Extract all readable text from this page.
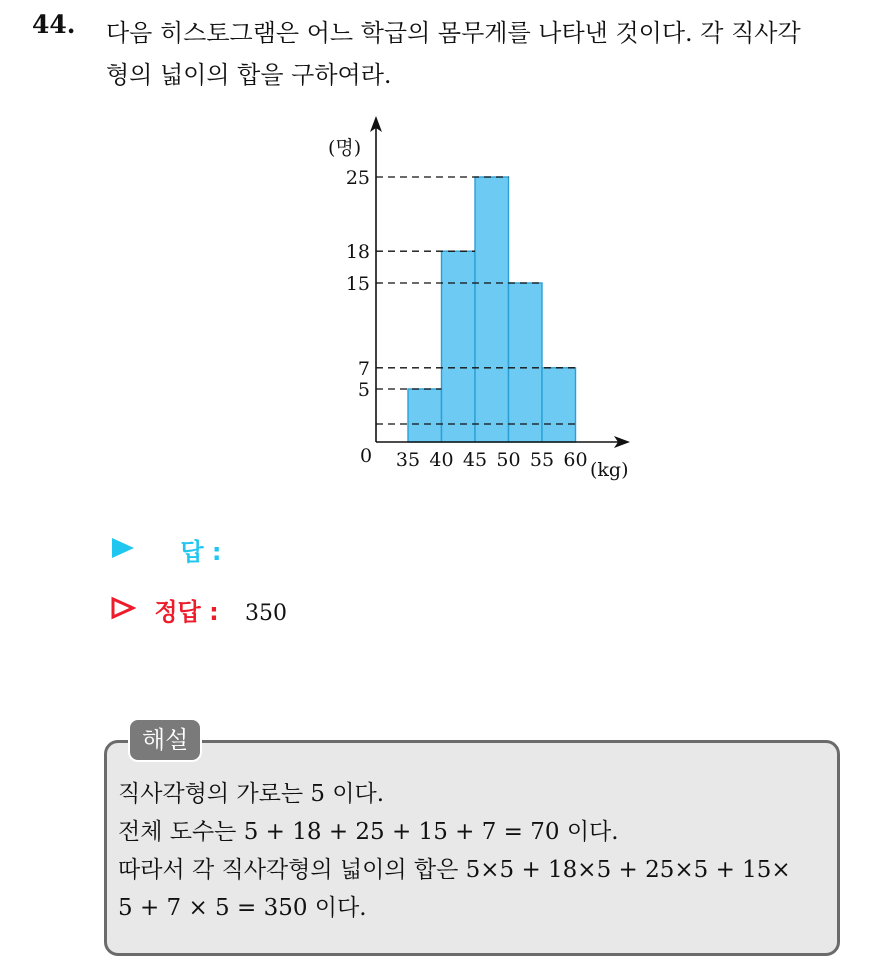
44. 다음 히스토그램은 어느 학급의 몸무게를 나타낸 것이다. 각 직사각
형의 넓이의 합을 구하여라.
(명)
(kg)
0
25
18
15
7
5
35 40 45 50 55 60
답 :
정답 : 350
해설
직사각형의 가로는 5 이다.
전체 도수는 5 + 18 + 25 + 15 + 7 = 70 이다.
따라서 각 직사각형의 넓이의 합은 5×5 + 18×5 + 25×5 + 15×
5 + 7 × 5 = 350 이다.
